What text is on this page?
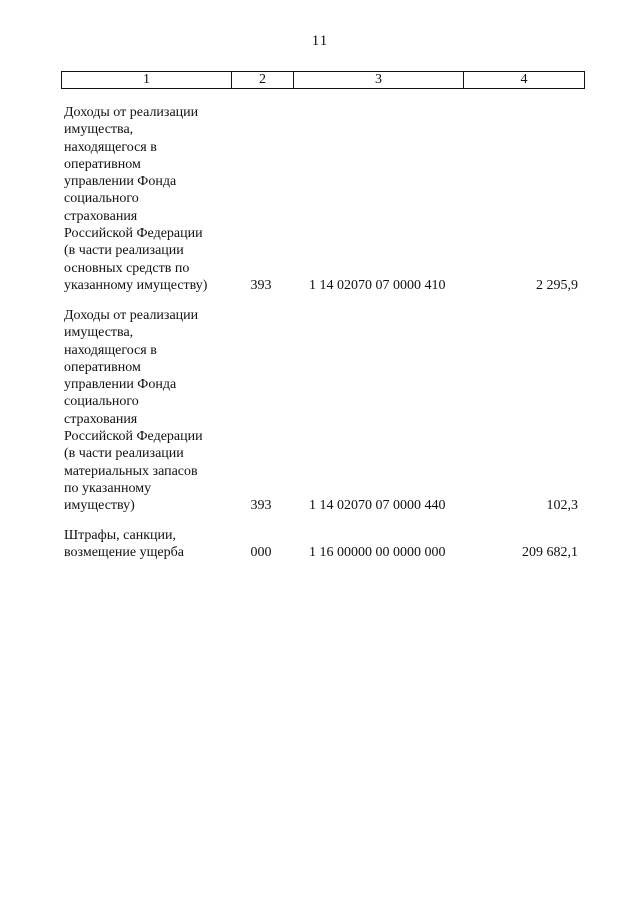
11
1	2	3	4
Доходы от реализации
имущества,
находящегося в
оперативном
управлении Фонда
социального
страхования
Российской Федерации
(в части реализации
основных средств по
указанному имуществу)	393	1 14 02070 07 0000 410	2 295,9
Доходы от реализации
имущества,
находящегося в
оперативном
управлении Фонда
социального
страхования
Российской Федерации
(в части реализации
материальных запасов
по указанному
имуществу)	393	1 14 02070 07 0000 440	102,3
Штрафы, санкции,
возмещение ущерба	000	1 16 00000 00 0000 000	209 682,1
